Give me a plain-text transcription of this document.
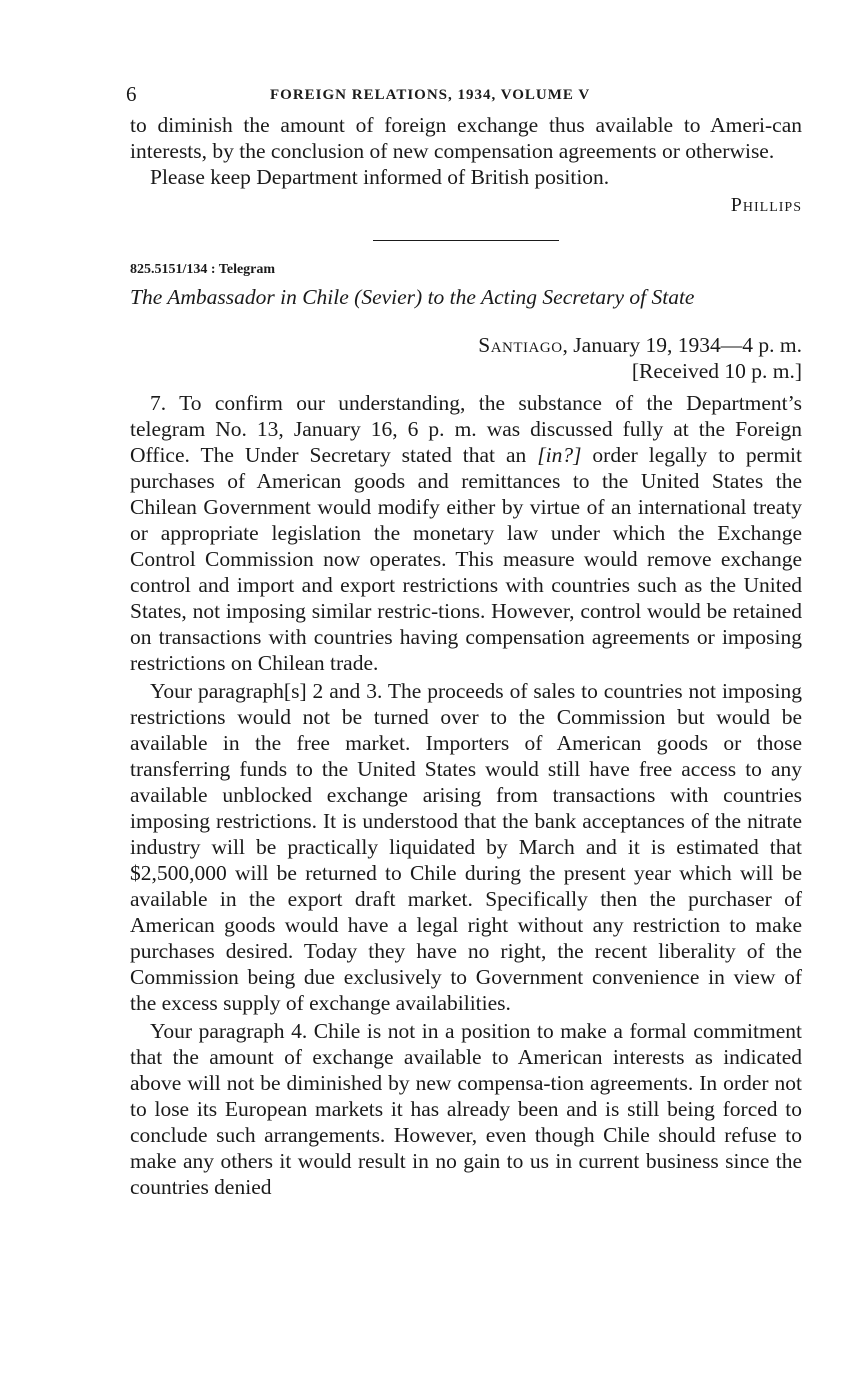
6	FOREIGN RELATIONS, 1934, VOLUME V

to diminish the amount of foreign exchange thus available to Ameri-can interests, by the conclusion of new compensation agreements or otherwise.

Please keep Department informed of British position.

Phillips
825.5151/134 : Telegram
The Ambassador in Chile (Sevier) to the Acting Secretary of State
Santiago, January 19, 1934—4 p. m.
[Received 10 p. m.]

7. To confirm our understanding, the substance of the Department’s telegram No. 13, January 16, 6 p. m. was discussed fully at the Foreign Office. The Under Secretary stated that an [in?] order legally to permit purchases of American goods and remittances to the United States the Chilean Government would modify either by virtue of an international treaty or appropriate legislation the monetary law under which the Exchange Control Commission now operates. This measure would remove exchange control and import and export restrictions with countries such as the United States, not imposing similar restric-tions. However, control would be retained on transactions with countries having compensation agreements or imposing restrictions on Chilean trade.

Your paragraph[s] 2 and 3. The proceeds of sales to countries not imposing restrictions would not be turned over to the Commission but would be available in the free market. Importers of American goods or those transferring funds to the United States would still have free access to any available unblocked exchange arising from transactions with countries imposing restrictions. It is understood that the bank acceptances of the nitrate industry will be practically liquidated by March and it is estimated that $2,500,000 will be returned to Chile during the present year which will be available in the export draft market. Specifically then the purchaser of American goods would have a legal right without any restriction to make purchases desired. Today they have no right, the recent liberality of the Commission being due exclusively to Government convenience in view of the excess supply of exchange availabilities.

Your paragraph 4. Chile is not in a position to make a formal commitment that the amount of exchange available to American interests as indicated above will not be diminished by new compensa-tion agreements. In order not to lose its European markets it has already been and is still being forced to conclude such arrangements. However, even though Chile should refuse to make any others it would result in no gain to us in current business since the countries denied
